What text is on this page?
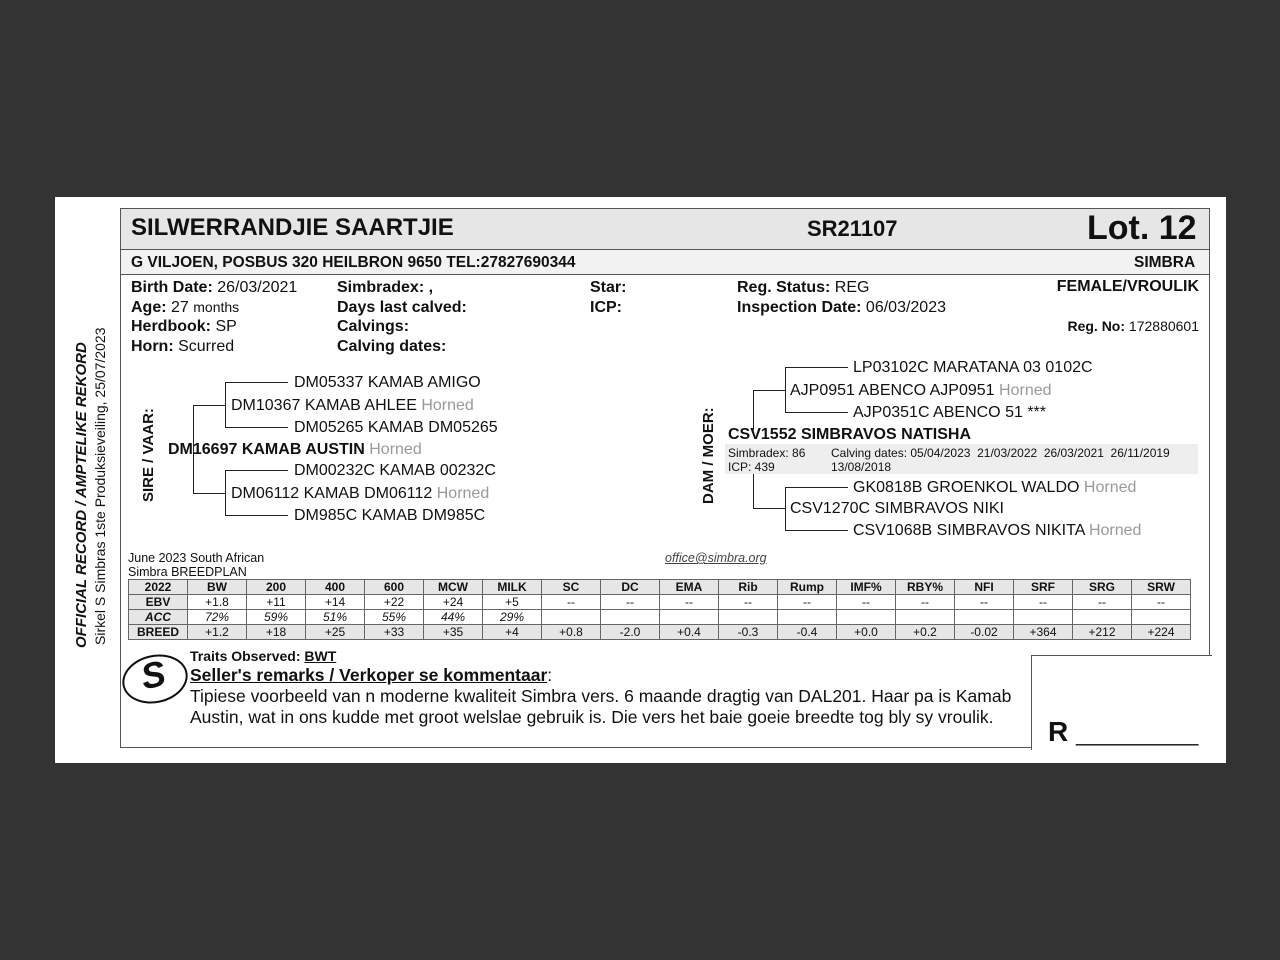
OFFICIAL RECORD / AMPTELIKE REKORD Sirkel S Simbras 1ste Produksieveiling, 25/07/2023
SILWERRANDJIE SAARTJIE	SR21107	Lot. 12
G VILJOEN, POSBUS 320 HEILBRON 9650 TEL:27827690344	SIMBRA
Birth Date: 26/03/2021
Age: 27 months
Herdbook: SP
Horn: Scurred
Simbradex: ,
Days last calved:
Calvings:
Calving dates:
Star:
ICP:
Reg. Status: REG
Inspection Date: 06/03/2023
FEMALE/VROULIK
Reg. No: 172880601
SIRE / VAAR:
DM05337 KAMAB AMIGO
DM10367 KAMAB AHLEE Horned
DM05265 KAMAB DM05265
DM16697 KAMAB AUSTIN Horned
DM00232C KAMAB 00232C
DM06112 KAMAB DM06112 Horned
DM985C KAMAB DM985C
DAM / MOER:
LP03102C MARATANA 03 0102C
AJP0951 ABENCO AJP0951 Horned
AJP0351C ABENCO 51 ***
CSV1552 SIMBRAVOS NATISHA
Simbradex: 86
ICP: 439
Calving dates: 05/04/2023  21/03/2022  26/03/2021  26/11/2019
13/08/2018
GK0818B GROENKOL WALDO Horned
CSV1270C SIMBRAVOS NIKI
CSV1068B SIMBRAVOS NIKITA Horned
June 2023 South African
Simbra BREEDPLAN
office@simbra.org
2022	BW	200	400	600	MCW	MILK	SC	DC	EMA	Rib	Rump	IMF%	RBY%	NFI	SRF	SRG	SRW
EBV	+1.8	+11	+14	+22	+24	+5	--	--	--	--	--	--	--	--	--	--	--
ACC	72%	59%	51%	55%	44%	29%											
BREED	+1.2	+18	+25	+33	+35	+4	+0.8	-2.0	+0.4	-0.3	-0.4	+0.0	+0.2	-0.02	+364	+212	+224
S Traits Observed: BWT
Seller's remarks / Verkoper se kommentaar:
Tipiese voorbeeld van n moderne kwaliteit Simbra vers. 6 maande dragtig van DAL201. Haar pa is Kamab Austin, wat in ons kudde met groot welslae gebruik is. Die vers het baie goeie breedte tog bly sy vroulik.	R __________
